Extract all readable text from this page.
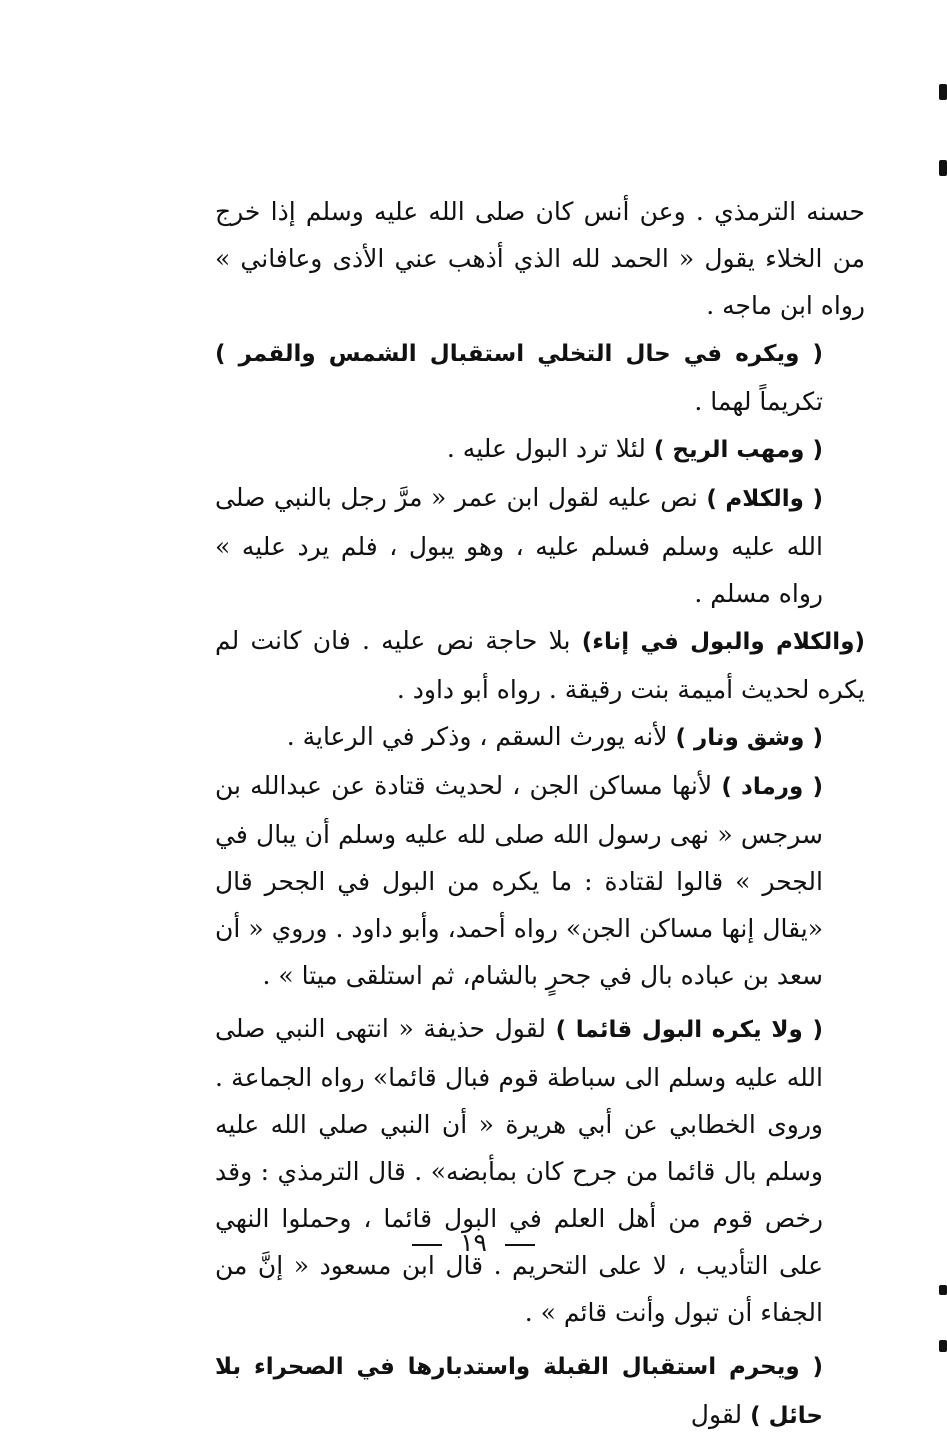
حسنه الترمذي . وعن أنس كان صلى الله عليه وسلم إذا خرج من الخلاء يقول « الحمد لله الذي أذهب عني الأذى وعافاني » رواه ابن ماجه .

( ويكره في حال التخلي استقبال الشمس والقمر ) تكريماً لهما .

( ومهب الريح ) لئلا ترد البول عليه .

( والكلام ) نص عليه لقول ابن عمر « مرَّ رجل بالنبي صلى الله عليه وسلم فسلم عليه ، وهو يبول ، فلم يرد عليه » رواه مسلم .

(والكلام والبول في إناء) بلا حاجة نص عليه . فان كانت لم يكره لحديث أميمة بنت رقيقة . رواه أبو داود .

( وشق ونار ) لأنه يورث السقم ، وذكر في الرعاية .

( ورماد ) لأنها مساكن الجن ، لحديث قتادة عن عبدالله بن سرجس « نهى رسول الله صلى لله عليه وسلم أن يبال في الجحر » قالوا لقتادة : ما يكره من البول في الجحر قال «يقال إنها مساكن الجن» رواه أحمد، وأبو داود . وروي « أن سعد بن عباده بال في جحرٍ بالشام، ثم استلقى ميتا » .

( ولا يكره البول قائما ) لقول حذيفة « انتهى النبي صلى الله عليه وسلم الى سباطة قوم فبال قائما» رواه الجماعة . وروى الخطابي عن أبي هريرة « أن النبي صلي الله عليه وسلم بال قائما من جرح كان بمأبضه» . قال الترمذي : وقد رخص قوم من أهل العلم في البول قائما ، وحملوا النهي على التأديب ، لا على التحريم . قال ابن مسعود « إنَّ من الجفاء أن تبول وأنت قائم » .

( ويحرم استقبال القبلة واستدبارها في الصحراء بلا حائل ) لقول

١٩
